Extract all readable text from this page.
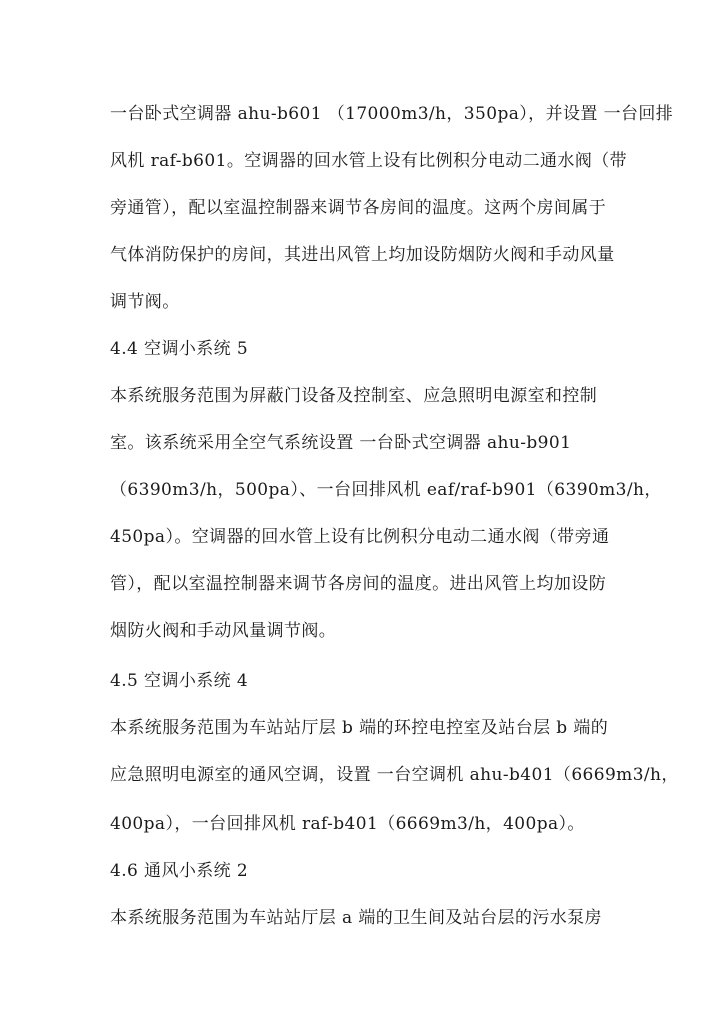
一台卧式空调器 ahu-b601 （17000m3/h，350pa），并设置 一台回排
风机 raf-b601。空调器的回水管上设有比例积分电动二通水阀（带
旁通管），配以室温控制器来调节各房间的温度。这两个房间属于
气体消防保护的房间，其进出风管上均加设防烟防火阀和手动风量
调节阀。
4.4 空调小系统 5
本系统服务范围为屏蔽门设备及控制室、应急照明电源室和控制
室。该系统采用全空气系统设置 一台卧式空调器 ahu-b901
（6390m3/h，500pa）、一台回排风机 eaf/raf-b901（6390m3/h，
450pa）。空调器的回水管上设有比例积分电动二通水阀（带旁通
管），配以室温控制器来调节各房间的温度。进出风管上均加设防
烟防火阀和手动风量调节阀。
4.5 空调小系统 4
本系统服务范围为车站站厅层 b 端的环控电控室及站台层 b 端的
应急照明电源室的通风空调，设置 一台空调机 ahu-b401（6669m3/h，
400pa），一台回排风机 raf-b401（6669m3/h，400pa）。
4.6 通风小系统 2
本系统服务范围为车站站厅层 a 端的卫生间及站台层的污水泵房
